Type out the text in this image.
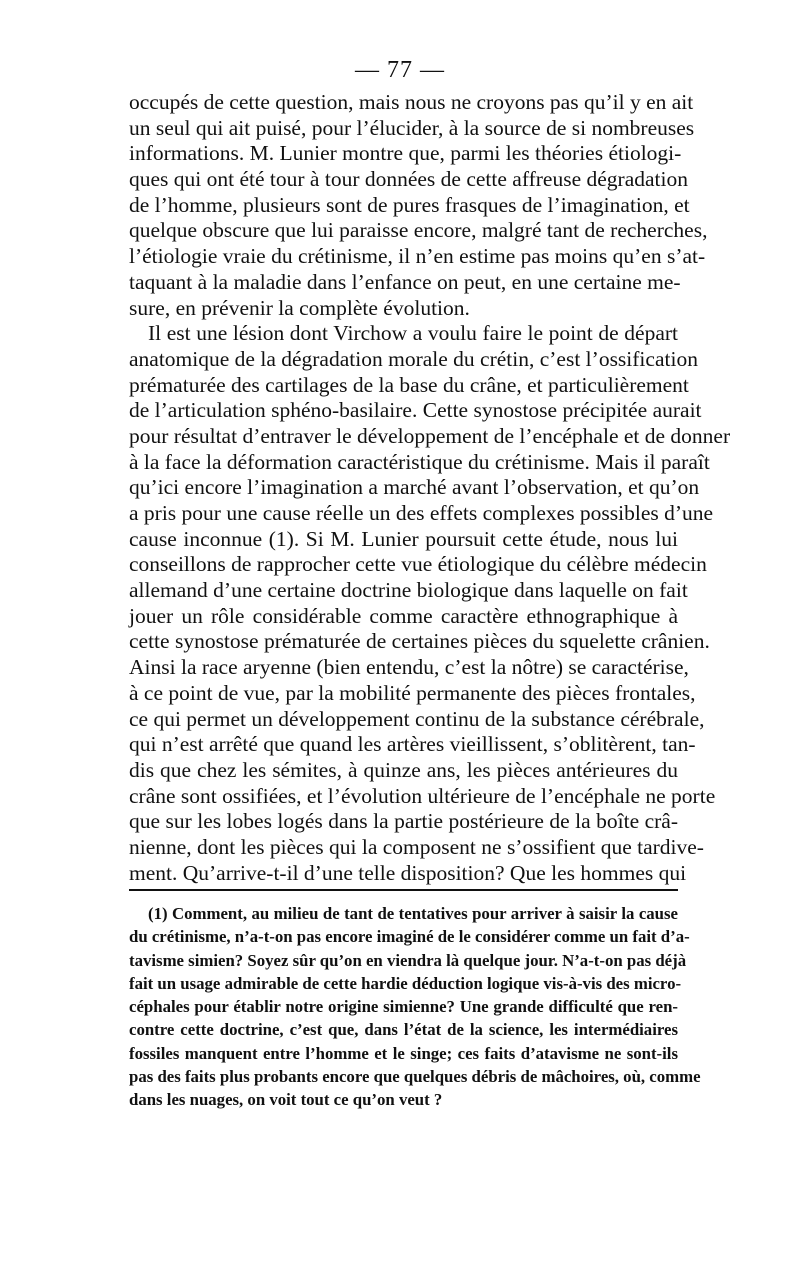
— 77 —
occupés de cette question, mais nous ne croyons pas qu’il y en ait
un seul qui ait puisé, pour l’élucider, à la source de si nombreuses
informations. M. Lunier montre que, parmi les théories étiologi-
ques qui ont été tour à tour données de cette affreuse dégradation
de l’homme, plusieurs sont de pures frasques de l’imagination, et
quelque obscure que lui paraisse encore, malgré tant de recherches,
l’étiologie vraie du crétinisme, il n’en estime pas moins qu’en s’at-
taquant à la maladie dans l’enfance on peut, en une certaine me-
sure, en prévenir la complète évolution.
Il est une lésion dont Virchow a voulu faire le point de départ
anatomique de la dégradation morale du crétin, c’est l’ossification
prématurée des cartilages de la base du crâne, et particulièrement
de l’articulation sphéno-basilaire. Cette synostose précipitée aurait
pour résultat d’entraver le développement de l’encéphale et de donner
à la face la déformation caractéristique du crétinisme. Mais il paraît
qu’ici encore l’imagination a marché avant l’observation, et qu’on
a pris pour une cause réelle un des effets complexes possibles d’une
cause inconnue (1). Si M. Lunier poursuit cette étude, nous lui
conseillons de rapprocher cette vue étiologique du célèbre médecin
allemand d’une certaine doctrine biologique dans laquelle on fait
jouer un rôle considérable comme caractère ethnographique à
cette synostose prématurée de certaines pièces du squelette crânien.
Ainsi la race aryenne (bien entendu, c’est la nôtre) se caractérise,
à ce point de vue, par la mobilité permanente des pièces frontales,
ce qui permet un développement continu de la substance cérébrale,
qui n’est arrêté que quand les artères vieillissent, s’oblitèrent, tan-
dis que chez les sémites, à quinze ans, les pièces antérieures du
crâne sont ossifiées, et l’évolution ultérieure de l’encéphale ne porte
que sur les lobes logés dans la partie postérieure de la boîte crâ-
nienne, dont les pièces qui la composent ne s’ossifient que tardive-
ment. Qu’arrive-t-il d’une telle disposition? Que les hommes qui
(1) Comment, au milieu de tant de tentatives pour arriver à saisir la cause
du crétinisme, n’a-t-on pas encore imaginé de le considérer comme un fait d’a-
tavisme simien? Soyez sûr qu’on en viendra là quelque jour. N’a-t-on pas déjà
fait un usage admirable de cette hardie déduction logique vis-à-vis des micro-
céphales pour établir notre origine simienne? Une grande difficulté que ren-
contre cette doctrine, c’est que, dans l’état de la science, les intermédiaires
fossiles manquent entre l’homme et le singe; ces faits d’atavisme ne sont-ils
pas des faits plus probants encore que quelques débris de mâchoires, où, comme
dans les nuages, on voit tout ce qu’on veut ?
